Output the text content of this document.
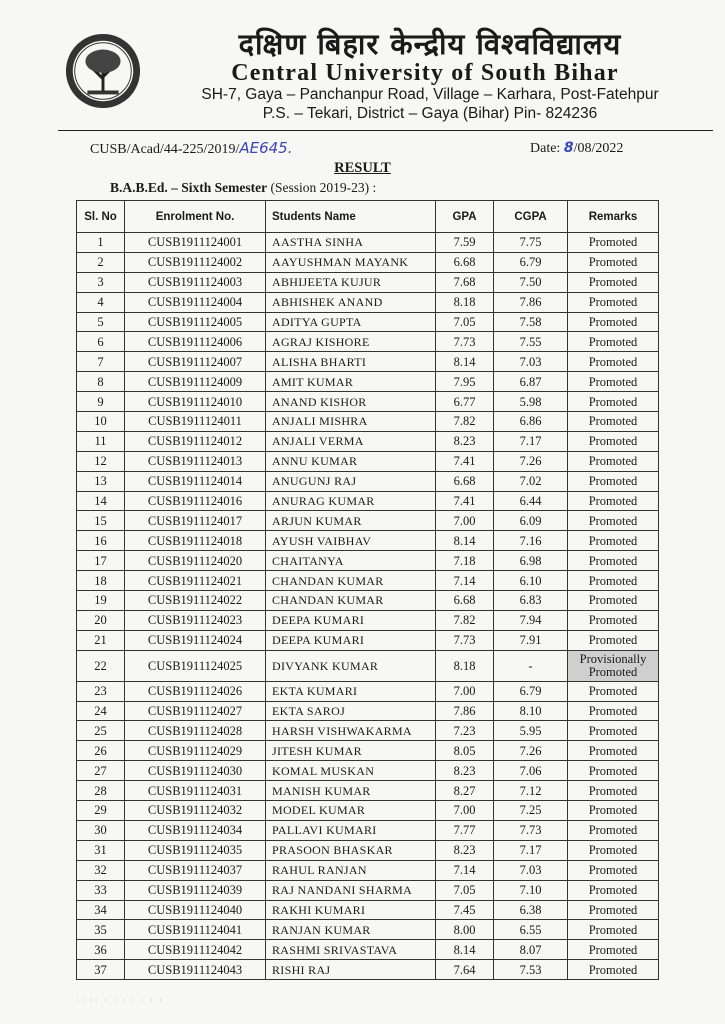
दक्षिण बिहार केन्द्रीय विश्वविद्यालय
Central University of South Bihar
SH-7, Gaya – Panchanpur Road, Village – Karhara, Post-Fatehpur
P.S. – Tekari, District – Gaya (Bihar) Pin- 824236
CUSB/Acad/44-225/2019/AE645.	Date: 8/08/2022
RESULT
B.A.B.Ed. – Sixth Semester (Session 2019-23) :
Sl. No	Enrolment No.	Students Name	GPA	CGPA	Remarks
1	CUSB1911124001	AASTHA SINHA	7.59	7.75	Promoted
2	CUSB1911124002	AAYUSHMAN MAYANK	6.68	6.79	Promoted
3	CUSB1911124003	ABHIJEETA KUJUR	7.68	7.50	Promoted
4	CUSB1911124004	ABHISHEK ANAND	8.18	7.86	Promoted
5	CUSB1911124005	ADITYA GUPTA	7.05	7.58	Promoted
6	CUSB1911124006	AGRAJ KISHORE	7.73	7.55	Promoted
7	CUSB1911124007	ALISHA BHARTI	8.14	7.03	Promoted
8	CUSB1911124009	AMIT KUMAR	7.95	6.87	Promoted
9	CUSB1911124010	ANAND KISHOR	6.77	5.98	Promoted
10	CUSB1911124011	ANJALI MISHRA	7.82	6.86	Promoted
11	CUSB1911124012	ANJALI VERMA	8.23	7.17	Promoted
12	CUSB1911124013	ANNU KUMAR	7.41	7.26	Promoted
13	CUSB1911124014	ANUGUNJ RAJ	6.68	7.02	Promoted
14	CUSB1911124016	ANURAG KUMAR	7.41	6.44	Promoted
15	CUSB1911124017	ARJUN KUMAR	7.00	6.09	Promoted
16	CUSB1911124018	AYUSH VAIBHAV	8.14	7.16	Promoted
17	CUSB1911124020	CHAITANYA	7.18	6.98	Promoted
18	CUSB1911124021	CHANDAN KUMAR	7.14	6.10	Promoted
19	CUSB1911124022	CHANDAN KUMAR	6.68	6.83	Promoted
20	CUSB1911124023	DEEPA KUMARI	7.82	7.94	Promoted
21	CUSB1911124024	DEEPA KUMARI	7.73	7.91	Promoted
22	CUSB1911124025	DIVYANK KUMAR	8.18	-	Provisionally Promoted
23	CUSB1911124026	EKTA KUMARI	7.00	6.79	Promoted
24	CUSB1911124027	EKTA SAROJ	7.86	8.10	Promoted
25	CUSB1911124028	HARSH VISHWAKARMA	7.23	5.95	Promoted
26	CUSB1911124029	JITESH KUMAR	8.05	7.26	Promoted
27	CUSB1911124030	KOMAL MUSKAN	8.23	7.06	Promoted
28	CUSB1911124031	MANISH KUMAR	8.27	7.12	Promoted
29	CUSB1911124032	MODEL KUMAR	7.00	7.25	Promoted
30	CUSB1911124034	PALLAVI KUMARI	7.77	7.73	Promoted
31	CUSB1911124035	PRASOON BHASKAR	8.23	7.17	Promoted
32	CUSB1911124037	RAHUL RANJAN	7.14	7.03	Promoted
33	CUSB1911124039	RAJ NANDANI SHARMA	7.05	7.10	Promoted
34	CUSB1911124040	RAKHI KUMARI	7.45	6.38	Promoted
35	CUSB1911124041	RANJAN KUMAR	8.00	6.55	Promoted
36	CUSB1911124042	RASHMI SRIVASTAVA	8.14	8.07	Promoted
37	CUSB1911124043	RISHI RAJ	7.64	7.53	Promoted
·· ·· · · · · · · ·
